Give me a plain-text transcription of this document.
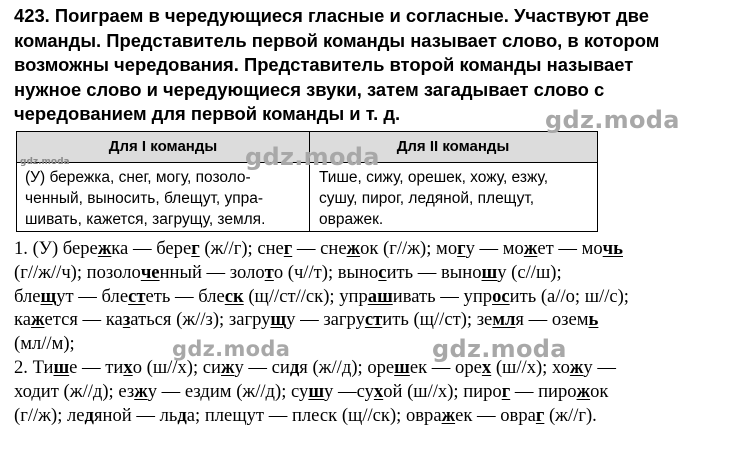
423. Поиграем в чередующиеся гласные и согласные. Участвуют две
команды. Представитель первой команды называет слово, в котором
возможны чередования. Представитель второй команды называет
нужное слово и чередующиеся звуки, затем загадывает слово с
чередованием для первой команды и т. д.
Для I команды	Для II команды
(У) бережка, снег, могу, позоло-
ченный, выносить, блещут, упра-
шивать, кажется, загрущу, земля.
Тише, сижу, орешек, хожу, езжу,
сушу, пирог, ледяной, плещут,
овражек.
1. (У) бережка — берег (ж//г); снег — снежок (г//ж); могу — может — мочь
(г//ж//ч); позолоченный — золото (ч//т); выносить — выношу (с//ш);
блещут — блестеть — блеск (щ//ст//ск); упрашивать — упросить (а//о; ш//с);
кажется — казаться (ж//з); загрущу — загрустить (щ//ст); земля — оземь
(мл//м);
2. Тише — тихо (ш//х); сижу — сидя (ж//д); орешек — орех (ш//х); хожу —
ходит (ж//д); езжу — ездим (ж//д); сушу —сухой (ш//х); пирог — пирожок
(г//ж); ледяной — льда; плещут — плеск (щ//ск); овражек — овраг (ж//г).
gdz.moda
gdz.moda
gdz.moda	gdz.moda
gdz.moda
